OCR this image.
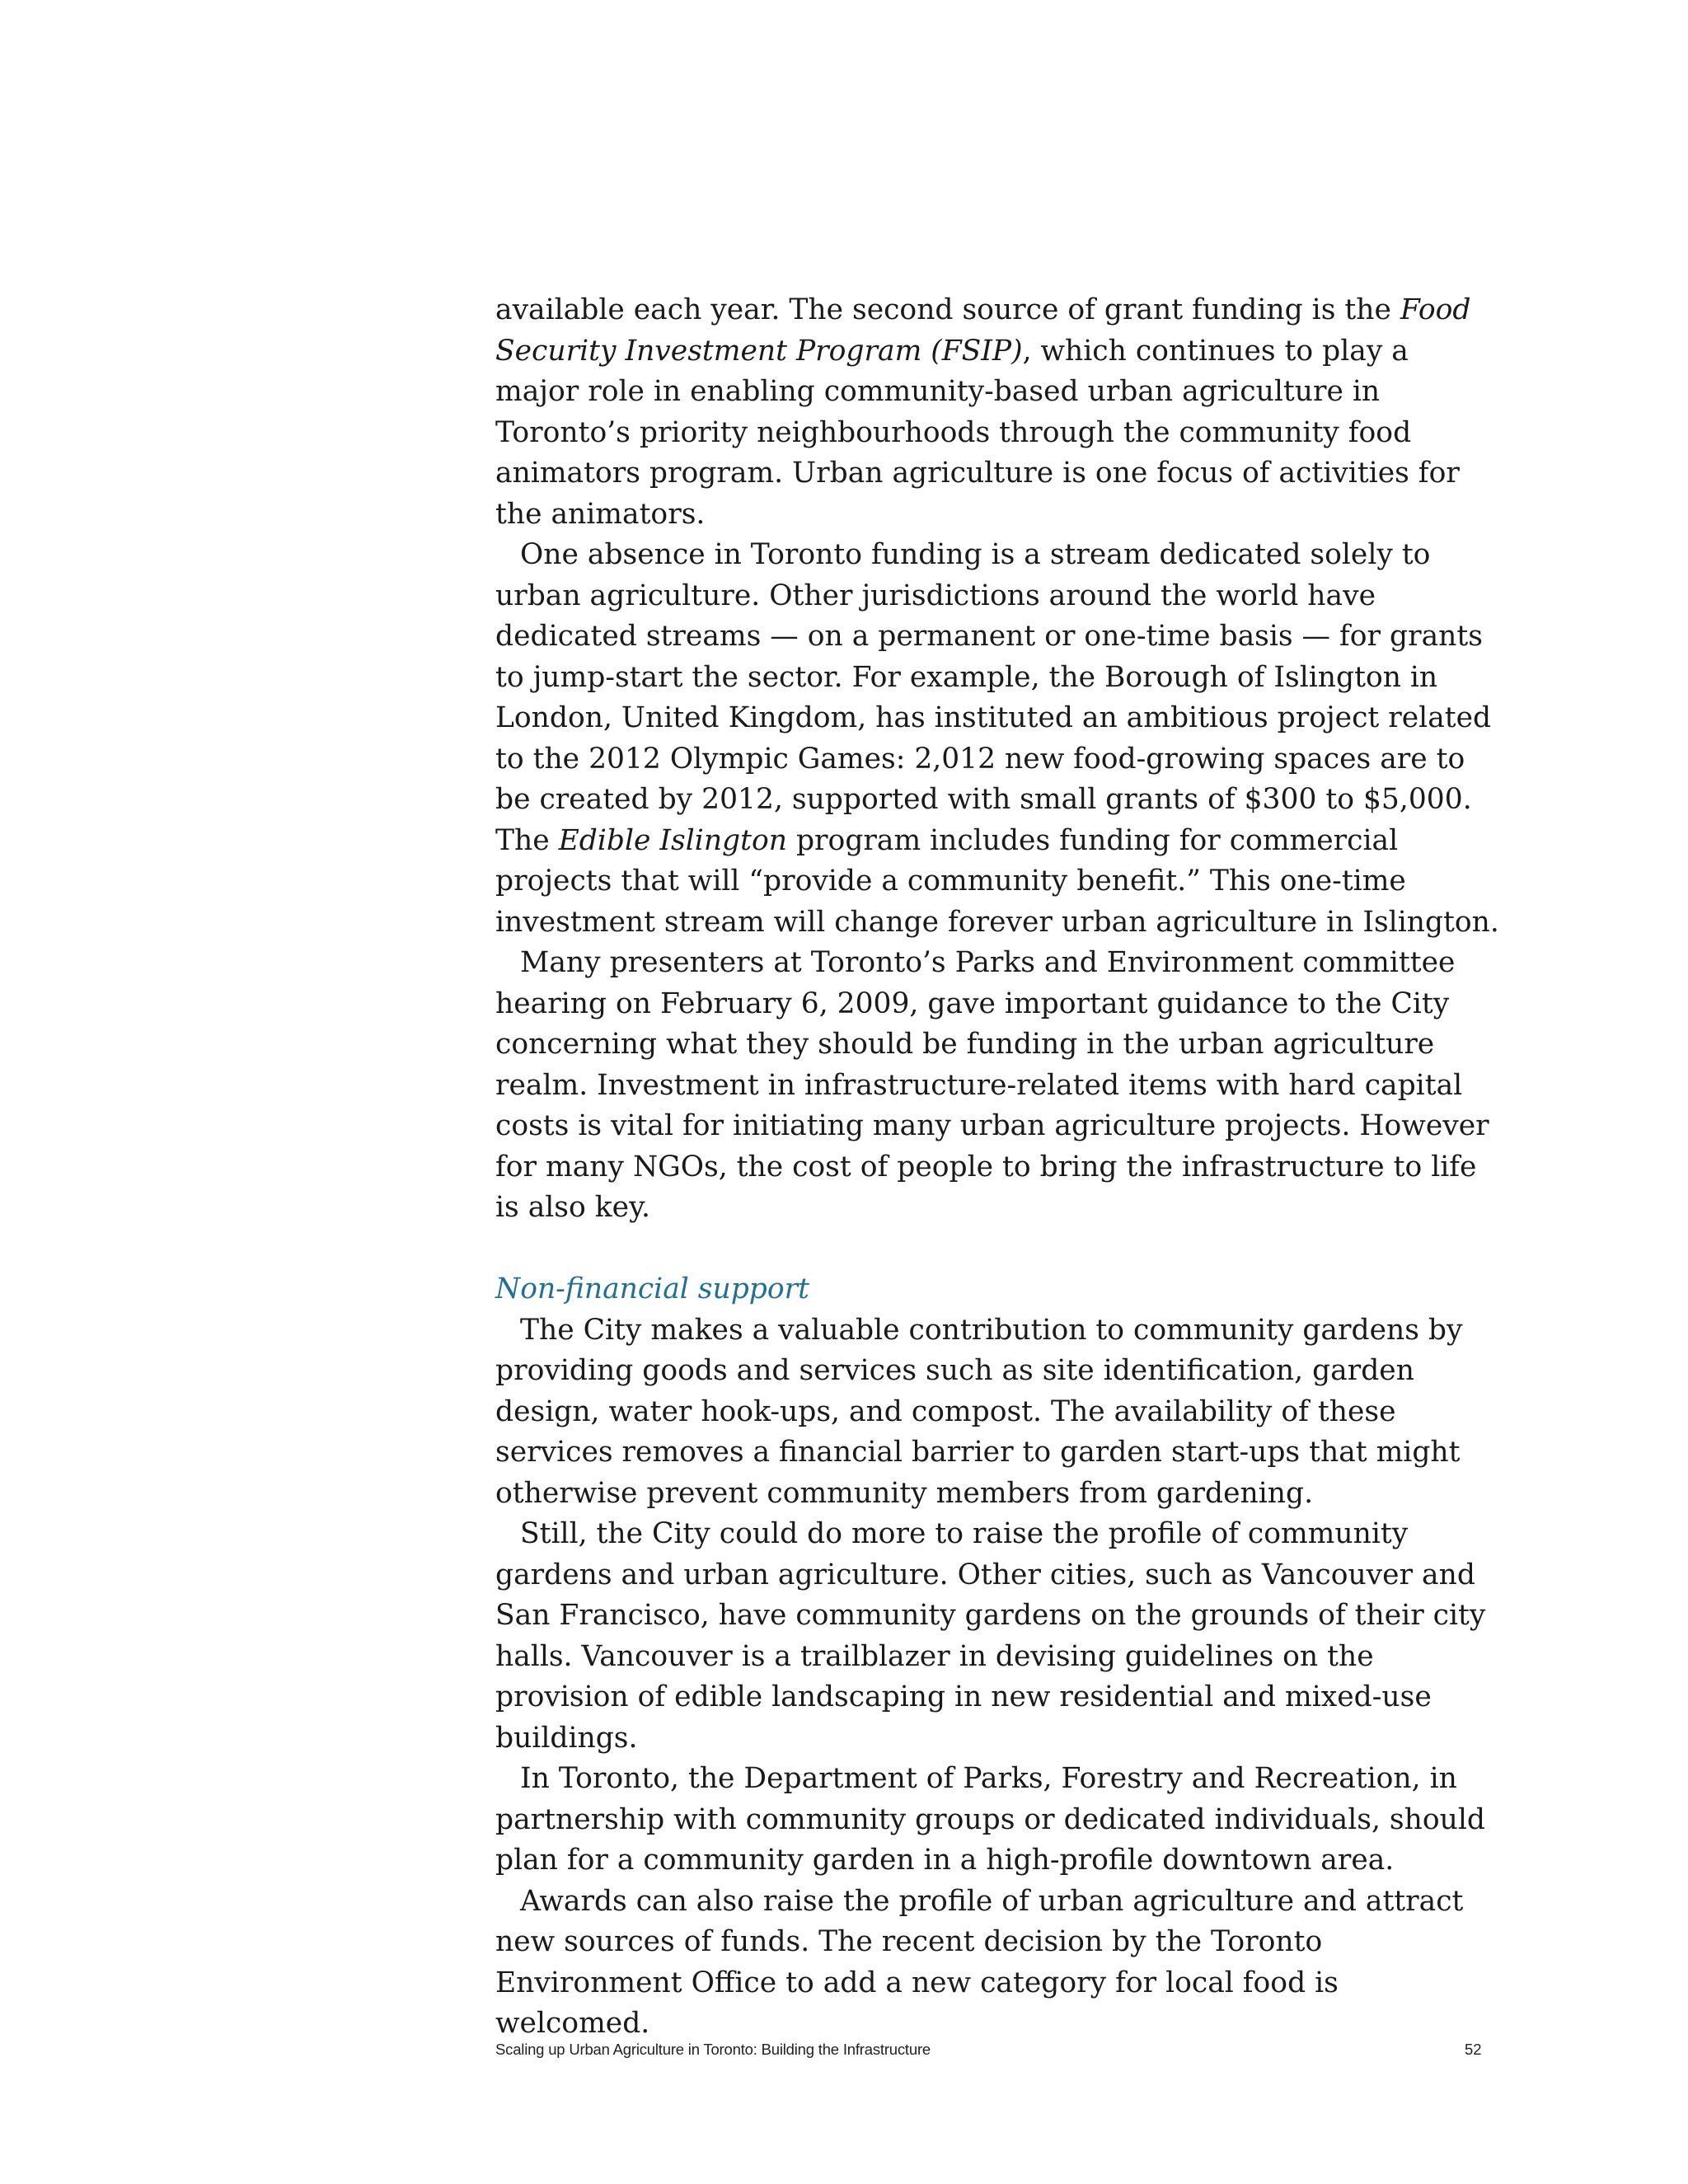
available each year. The second source of grant funding is the Food Security Investment Program (FSIP), which continues to play a major role in enabling community-based urban agriculture in Toronto’s priority neighbourhoods through the community food animators program. Urban agriculture is one focus of activities for the animators.

One absence in Toronto funding is a stream dedicated solely to urban agriculture. Other jurisdictions around the world have dedicated streams — on a permanent or one-time basis — for grants to jump-start the sector. For example, the Borough of Islington in London, United Kingdom, has instituted an ambitious project related to the 2012 Olympic Games: 2,012 new food-growing spaces are to be created by 2012, supported with small grants of $300 to $5,000. The Edible Islington program includes funding for commercial projects that will “provide a community benefit.” This one-time investment stream will change forever urban agriculture in Islington.

Many presenters at Toronto’s Parks and Environment committee hearing on February 6, 2009, gave important guidance to the City concerning what they should be funding in the urban agriculture realm. Investment in infrastructure-related items with hard capital costs is vital for initiating many urban agriculture projects. However for many NGOs, the cost of people to bring the infrastructure to life is also key.

Non-financial support

The City makes a valuable contribution to community gardens by providing goods and services such as site identification, garden design, water hook-ups, and compost. The availability of these services removes a financial barrier to garden start-ups that might otherwise prevent community members from gardening.

Still, the City could do more to raise the profile of community gardens and urban agriculture. Other cities, such as Vancouver and San Francisco, have community gardens on the grounds of their city halls. Vancouver is a trailblazer in devising guidelines on the provision of edible landscaping in new residential and mixed-use buildings.

In Toronto, the Department of Parks, Forestry and Recreation, in partnership with community groups or dedicated individuals, should plan for a community garden in a high-profile downtown area.

Awards can also raise the profile of urban agriculture and attract new sources of funds. The recent decision by the Toronto Environment Office to add a new category for local food is welcomed.

Scaling up Urban Agriculture in Toronto: Building the Infrastructure	52
